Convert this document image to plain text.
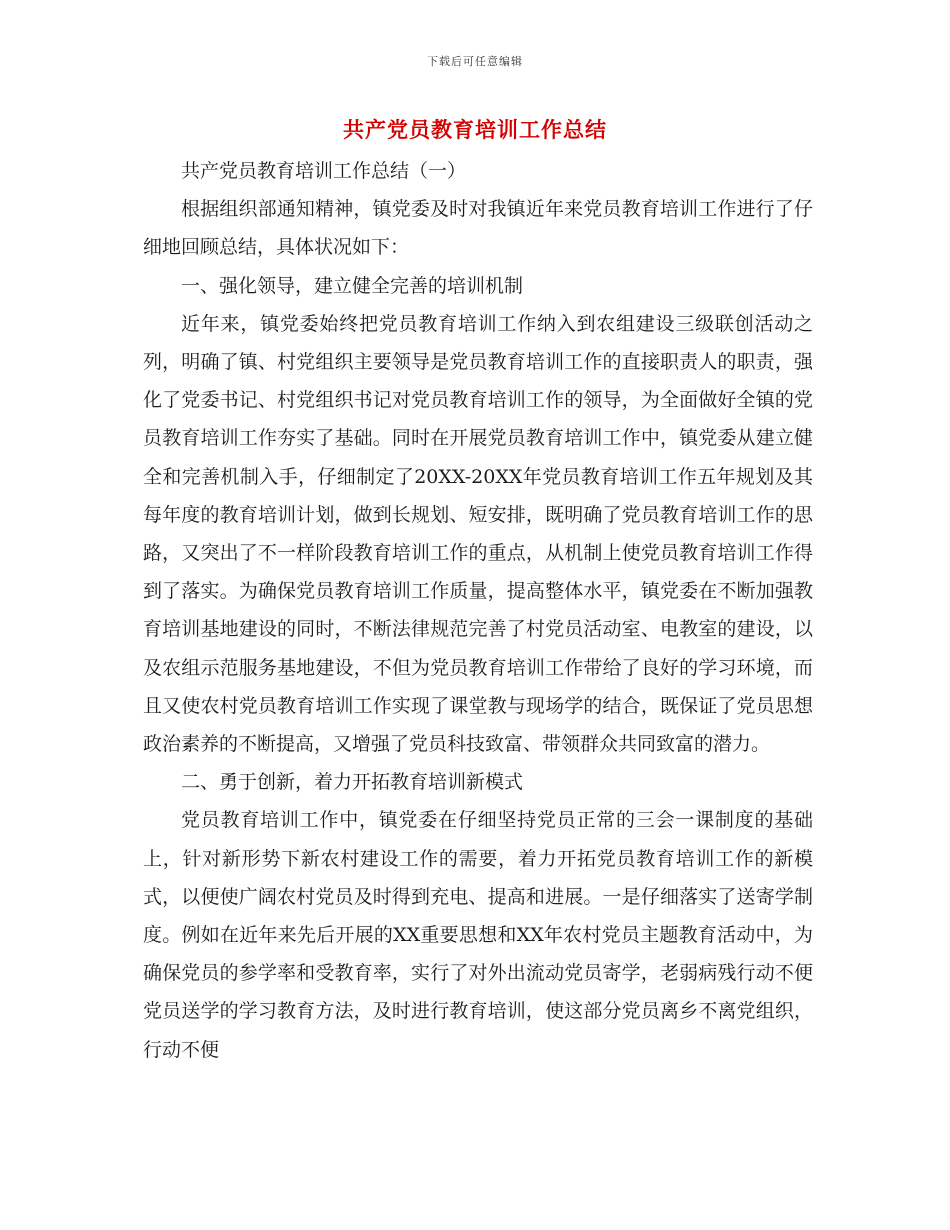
下载后可任意编辑
共产党员教育培训工作总结

共产党员教育培训工作总结（一）

根据组织部通知精神，镇党委及时对我镇近年来党员教育培训工作进行了仔细地回顾总结，具体状况如下：

一、强化领导，建立健全完善的培训机制

近年来，镇党委始终把党员教育培训工作纳入到农组建设三级联创活动之列，明确了镇、村党组织主要领导是党员教育培训工作的直接职责人的职责，强化了党委书记、村党组织书记对党员教育培训工作的领导，为全面做好全镇的党员教育培训工作夯实了基础。同时在开展党员教育培训工作中，镇党委从建立健全和完善机制入手，仔细制定了20XX-20XX年党员教育培训工作五年规划及其每年度的教育培训计划，做到长规划、短安排，既明确了党员教育培训工作的思路，又突出了不一样阶段教育培训工作的重点，从机制上使党员教育培训工作得到了落实。为确保党员教育培训工作质量，提高整体水平，镇党委在不断加强教育培训基地建设的同时，不断法律规范完善了村党员活动室、电教室的建设，以及农组示范服务基地建设，不但为党员教育培训工作带给了良好的学习环境，而且又使农村党员教育培训工作实现了课堂教与现场学的结合，既保证了党员思想政治素养的不断提高，又增强了党员科技致富、带领群众共同致富的潜力。

二、勇于创新，着力开拓教育培训新模式

党员教育培训工作中，镇党委在仔细坚持党员正常的三会一课制度的基础上，针对新形势下新农村建设工作的需要，着力开拓党员教育培训工作的新模式，以便使广阔农村党员及时得到充电、提高和进展。一是仔细落实了送寄学制度。例如在近年来先后开展的XX重要思想和XX年农村党员主题教育活动中，为确保党员的参学率和受教育率，实行了对外出流动党员寄学，老弱病残行动不便党员送学的学习教育方法，及时进行教育培训，使这部分党员离乡不离党组织，行动不便
